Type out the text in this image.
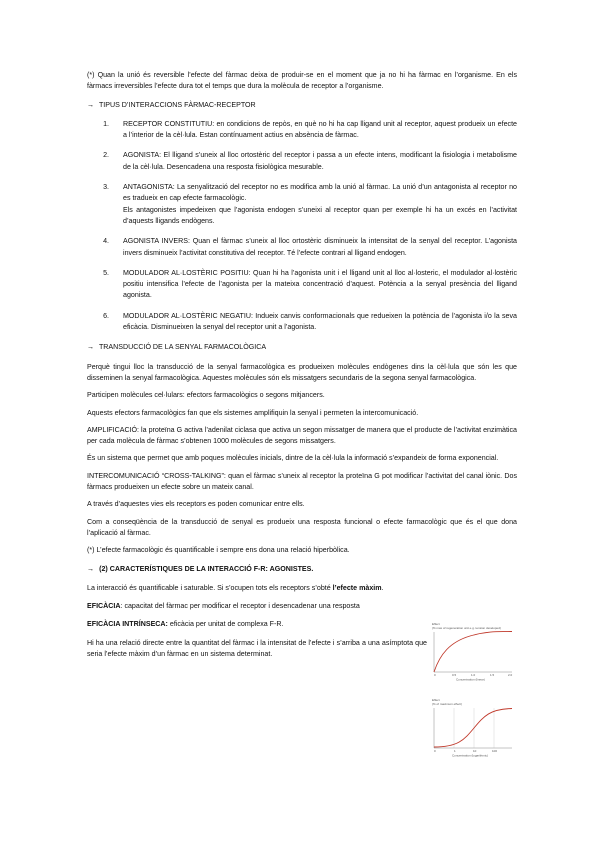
(*) Quan la unió és reversible l’efecte del fàrmac deixa de produir-se en el moment que ja no hi ha fàrmac en l’organisme. En els fàrmacs irreversibles l’efecte dura tot el temps que dura la molècula de receptor a l’organisme.

→ TIPUS D’INTERACCIONS FÀRMAC-RECEPTOR
1.	RECEPTOR CONSTITUTIU: en condicions de repòs, en què no hi ha cap lligand unit al receptor, aquest produeix un efecte a l’interior de la cèl·lula. Estan contínuament actius en absència de fàrmac.
2.	AGONISTA: El lligand s’uneix al lloc ortostèric del receptor i passa a un efecte intens, modificant la fisiologia i metabolisme de la cèl·lula. Desencadena una resposta fisiològica mesurable.
3.	ANTAGONISTA: La senyalització del receptor no es modifica amb la unió al fàrmac. La unió d’un antagonista al receptor no es tradueix en cap efecte farmacològic.
Els antagonistes impedeixen que l’agonista endogen s’uneixi al receptor quan per exemple hi ha un excés en l’activitat d’aquests lligands endògens.
4.	AGONISTA INVERS: Quan el fàrmac s’uneix al lloc ortostèric disminueix la intensitat de la senyal del receptor. L’agonista invers disminueix l’activitat constitutiva del receptor. Té l’efecte contrari al lligand endogen.
5.	MODULADOR AL·LOSTÈRIC POSITIU: Quan hi ha l’agonista unit i el lligand unit al lloc al·losteric, el modulador al·lostèric positiu intensifica l’efecte de l’agonista per la mateixa concentració d’aquest. Potència a la senyal presència del lligand agonista.
6.	MODULADOR AL·LOSTÈRIC NEGATIU: Indueix canvis conformacionals que redueixen la potència de l’agonista i/o la seva eficàcia. Disminueixen la senyal del receptor unit a l’agonista.
→ TRANSDUCCIÓ DE LA SENYAL FARMACOLÒGICA

Perquè tingui lloc la transducció de la senyal farmacològica es produeixen molècules endògenes dins la cèl·lula que són les que disseminen la senyal farmacològica. Aquestes molècules són els missatgers secundaris de la segona senyal farmacològica.

Participen molècules cel·lulars: efectors farmacològics o segons mitjancers.

Aquests efectors farmacològics fan que els sistemes amplifiquin la senyal i permeten la intercomunicació.

AMPLIFICACIÓ: la proteïna G activa l’adenilat ciclasa que activa un segon missatger de manera que el producte de l’activitat enzimàtica per cada molècula de fàrmac s’obtenen 1000 molècules de segons missatgers.

És un sistema que permet que amb poques molècules inicials, dintre de la cèl·lula la informació s’expandeix de forma exponencial.

INTERCOMUNICACIÓ “CROSS-TALKING”: quan el fàrmac s’uneix al receptor la proteïna G pot modificar l’activitat del canal iònic. Dos fàrmacs produeixen un efecte sobre un mateix canal.

A través d’aquestes vies els receptors es poden comunicar entre ells.

Com a conseqüència de la transducció de senyal es produeix una resposta funcional o efecte farmacològic que és el que dona l’aplicació al fàrmac.

(*) L’efecte farmacològic és quantificable i sempre ens dona una relació hiperbòlica.

→ (2) CARACTERÍSTIQUES DE LA INTERACCIÓ F-R: AGONISTES.

La interacció és quantificable i saturable. Si s’ocupen tots els receptors s’obté l’efecte màxim.

EFICÀCIA: capacitat del fàrmac per modificar el receptor i desencadenar una resposta

EFICÀCIA INTRÍNSECA: eficàcia per unitat de complexa F-R.

Hi ha una relació directe entre la quantitat del fàrmac i la intensitat de l’efecte i s’arriba a una asímptota que seria l’efecte màxim d’un fàrmac en un sistema determinat.

Effect
(% max of regeneration unit e.g. tension developed)
0	0.5	1.0	1.5	2.0
Concentration (linear)
Effect
(% of maximum effect)
0	1	10	100
Concentration (logarithmic)
